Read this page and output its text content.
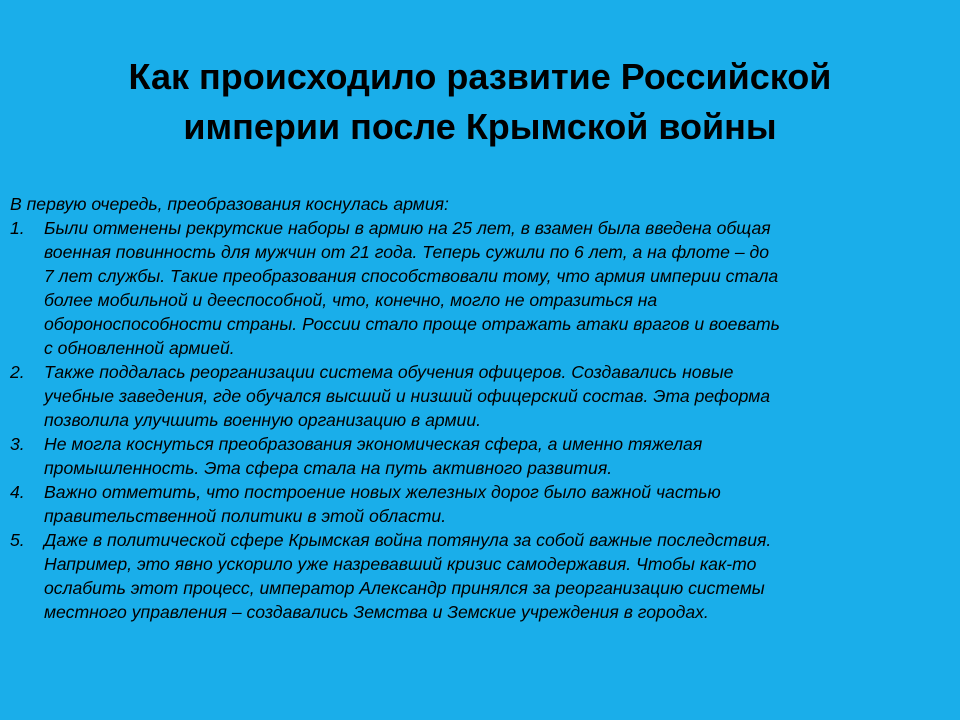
Как происходило развитие Российской
империи после Крымской войны

В первую очередь, преобразования коснулась армия:

1. Были отменены рекрутские наборы в армию на 25 лет, в взамен была введена общая
военная повинность для мужчин от 21 года. Теперь сужили по 6 лет, а на флоте – до
7 лет службы. Такие преобразования способствовали тому, что армия империи стала
более мобильной и дееспособной, что, конечно, могло не отразиться на
обороноспособности страны. России стало проще отражать атаки врагов и воевать
с обновленной армией.
2. Также поддалась реорганизации система обучения офицеров. Создавались новые
учебные заведения, где обучался высший и низший офицерский состав. Эта реформа
позволила улучшить военную организацию в армии.
3. Не могла коснуться преобразования экономическая сфера, а именно тяжелая
промышленность. Эта сфера стала на путь активного развития.
4. Важно отметить, что построение новых железных дорог было важной частью
правительственной политики в этой области.
5. Даже в политической сфере Крымская война потянула за собой важные последствия.
Например, это явно ускорило уже назревавший кризис самодержавия. Чтобы как-то
ослабить этот процесс, император Александр принялся за реорганизацию системы
местного управления – создавались Земства и Земские учреждения в городах.
